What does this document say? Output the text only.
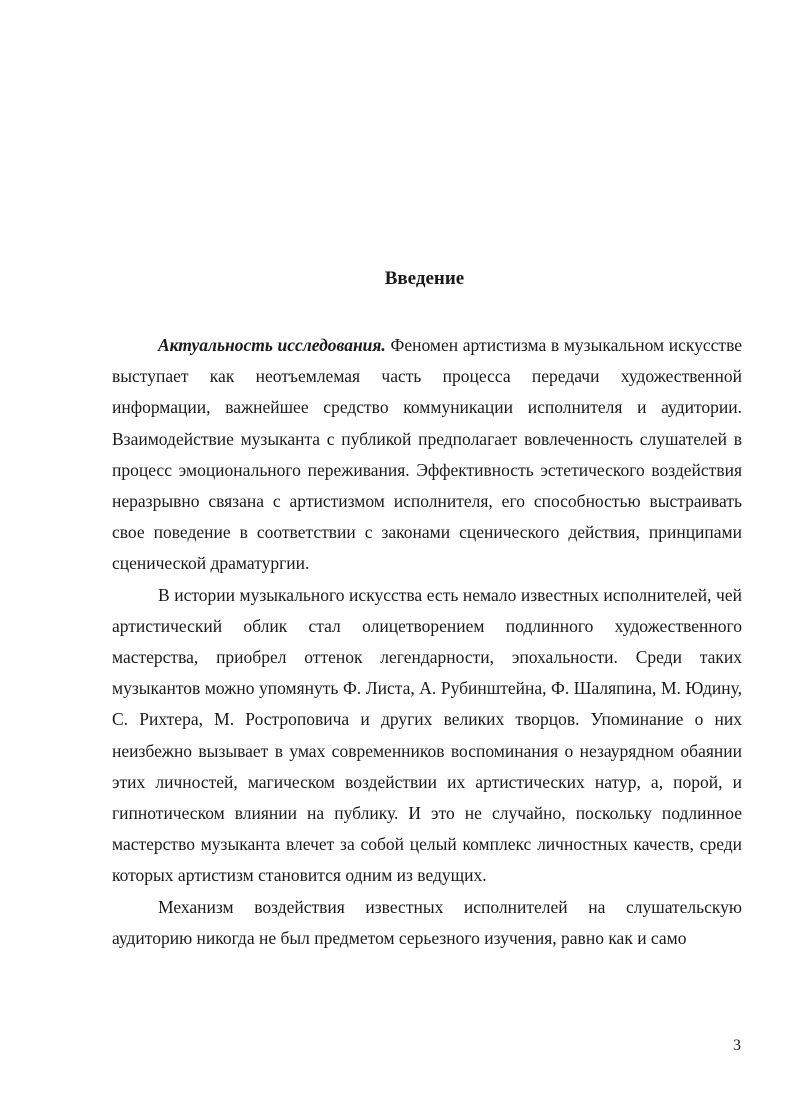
Введение

Актуальность исследования. Феномен артистизма в музыкальном искусстве выступает как неотъемлемая часть процесса передачи художественной информации, важнейшее средство коммуникации исполнителя и аудитории. Взаимодействие музыканта с публикой предполагает вовлеченность слушателей в процесс эмоционального переживания. Эффективность эстетического воздействия неразрывно связана с артистизмом исполнителя, его способностью выстраивать свое поведение в соответствии с законами сценического действия, принципами сценической драматургии.

В истории музыкального искусства есть немало известных исполнителей, чей артистический облик стал олицетворением подлинного художественного мастерства, приобрел оттенок легендарности, эпохальности. Среди таких музыкантов можно упомянуть Ф. Листа, А. Рубинштейна, Ф. Шаляпина, М. Юдину, С. Рихтера, М. Ростроповича и других великих творцов. Упоминание о них неизбежно вызывает в умах современников воспоминания о незаурядном обаянии этих личностей, магическом воздействии их артистических натур, а, порой, и гипнотическом влиянии на публику. И это не случайно, поскольку подлинное мастерство музыканта влечет за собой целый комплекс личностных качеств, среди которых артистизм становится одним из ведущих.

Механизм воздействия известных исполнителей на слушательскую аудиторию никогда не был предметом серьезного изучения, равно как и само

3
